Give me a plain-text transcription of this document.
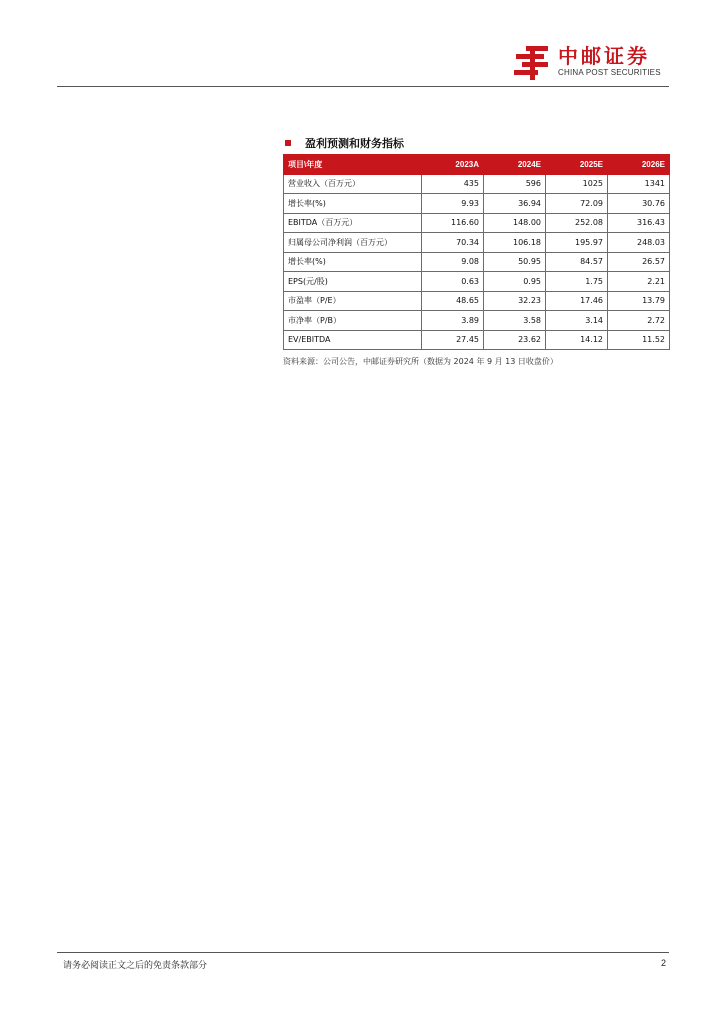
中邮证券
CHINA POST SECURITIES
盈利预测和财务指标
项目\年度	2023A	2024E	2025E	2026E
营业收入（百万元）	435	596	1025	1341
增长率(%)	9.93	36.94	72.09	30.76
EBITDA（百万元）	116.60	148.00	252.08	316.43
归属母公司净利润（百万元）	70.34	106.18	195.97	248.03
增长率(%)	9.08	50.95	84.57	26.57
EPS(元/股)	0.63	0.95	1.75	2.21
市盈率（P/E）	48.65	32.23	17.46	13.79
市净率（P/B）	3.89	3.58	3.14	2.72
EV/EBITDA	27.45	23.62	14.12	11.52
资料来源：公司公告，中邮证券研究所（数据为 2024 年 9 月 13 日收盘价）
请务必阅读正文之后的免责条款部分	2
